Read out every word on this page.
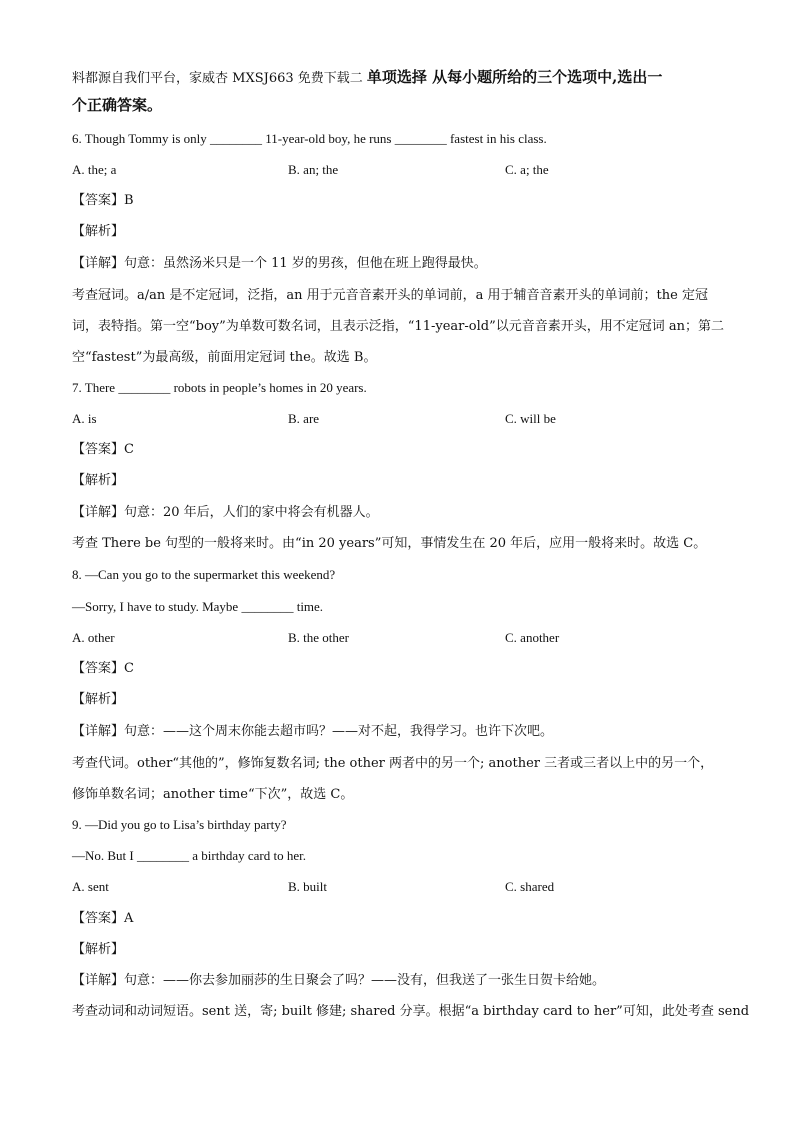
料都源自我们平台，家威杏 MXSJ663 免费下载二 单项选择 从每小题所给的三个选项中,选出一
个正确答案。
6. Though Tommy is only ________ 11-year-old boy, he runs ________ fastest in his class.
A. the; a	B. an; the	C. a; the
【答案】B
【解析】
【详解】句意：虽然汤米只是一个 11 岁的男孩，但他在班上跑得最快。
考查冠词。a/an 是不定冠词，泛指，an 用于元音音素开头的单词前，a 用于辅音音素开头的单词前；the 定冠词，表特指。第一空“boy”为单数可数名词，且表示泛指，“11-year-old”以元音音素开头，用不定冠词 an；第二空“fastest”为最高级，前面用定冠词 the。故选 B。
7. There ________ robots in people’s homes in 20 years.
A. is	B. are	C. will be
【答案】C
【解析】
【详解】句意：20 年后，人们的家中将会有机器人。
考查 There be 句型的一般将来时。由“in 20 years”可知，事情发生在 20 年后，应用一般将来时。故选 C。
8. —Can you go to the supermarket this weekend?
—Sorry, I have to study. Maybe ________ time.
A. other	B. the other	C. another
【答案】C
【解析】
【详解】句意：——这个周末你能去超市吗？——对不起，我得学习。也许下次吧。
考查代词。other“其他的”，修饰复数名词; the other 两者中的另一个; another 三者或三者以上中的另一个，修饰单数名词；another time“下次”，故选 C。
9. —Did you go to Lisa’s birthday party?
—No. But I ________ a birthday card to her.
A. sent	B. built	C. shared
【答案】A
【解析】
【详解】句意：——你去参加丽莎的生日聚会了吗？——没有，但我送了一张生日贺卡给她。
考查动词和动词短语。sent 送，寄; built 修建; shared 分享。根据“a birthday card to her”可知，此处考查 send
